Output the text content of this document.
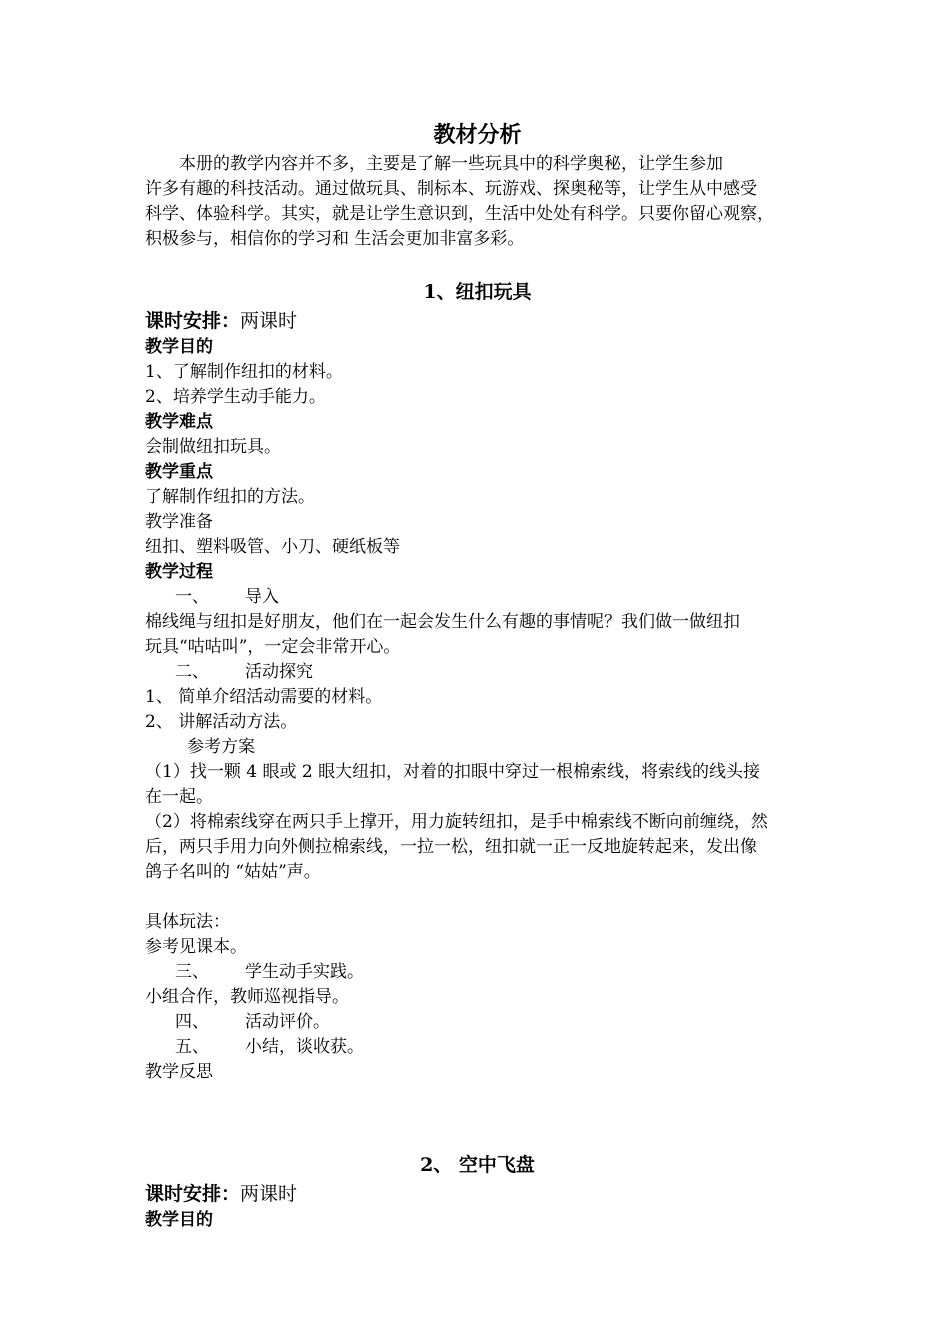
教材分析
本册的教学内容并不多，主要是了解一些玩具中的科学奥秘，让学生参加
许多有趣的科技活动。通过做玩具、制标本、玩游戏、探奥秘等，让学生从中感受
科学、体验科学。其实，就是让学生意识到，生活中处处有科学。只要你留心观察，
积极参与，相信你的学习和 生活会更加非富多彩。
1、纽扣玩具
课时安排：两课时
教学目的
1、了解制作纽扣的材料。
2、培养学生动手能力。
教学难点
会制做纽扣玩具。
教学重点
了解制作纽扣的方法。
教学准备
纽扣、塑料吸管、小刀、硬纸板等
教学过程
一、 导入
棉线绳与纽扣是好朋友，他们在一起会发生什么有趣的事情呢？我们做一做纽扣
玩具“咕咕叫”，一定会非常开心。
二、 活动探究
1、 简单介绍活动需要的材料。
2、 讲解活动方法。
参考方案
（1）找一颗 4 眼或 2 眼大纽扣，对着的扣眼中穿过一根棉索线，将索线的线头接
在一起。
（2）将棉索线穿在两只手上撑开，用力旋转纽扣，是手中棉索线不断向前缠绕，然
后，两只手用力向外侧拉棉索线，一拉一松，纽扣就一正一反地旋转起来，发出像
鸽子名叫的 “姑姑”声。
具体玩法：
参考见课本。
三、 学生动手实践。
小组合作，教师巡视指导。
四、 活动评价。
五、 小结，谈收获。
教学反思
2、 空中飞盘
课时安排：两课时
教学目的
